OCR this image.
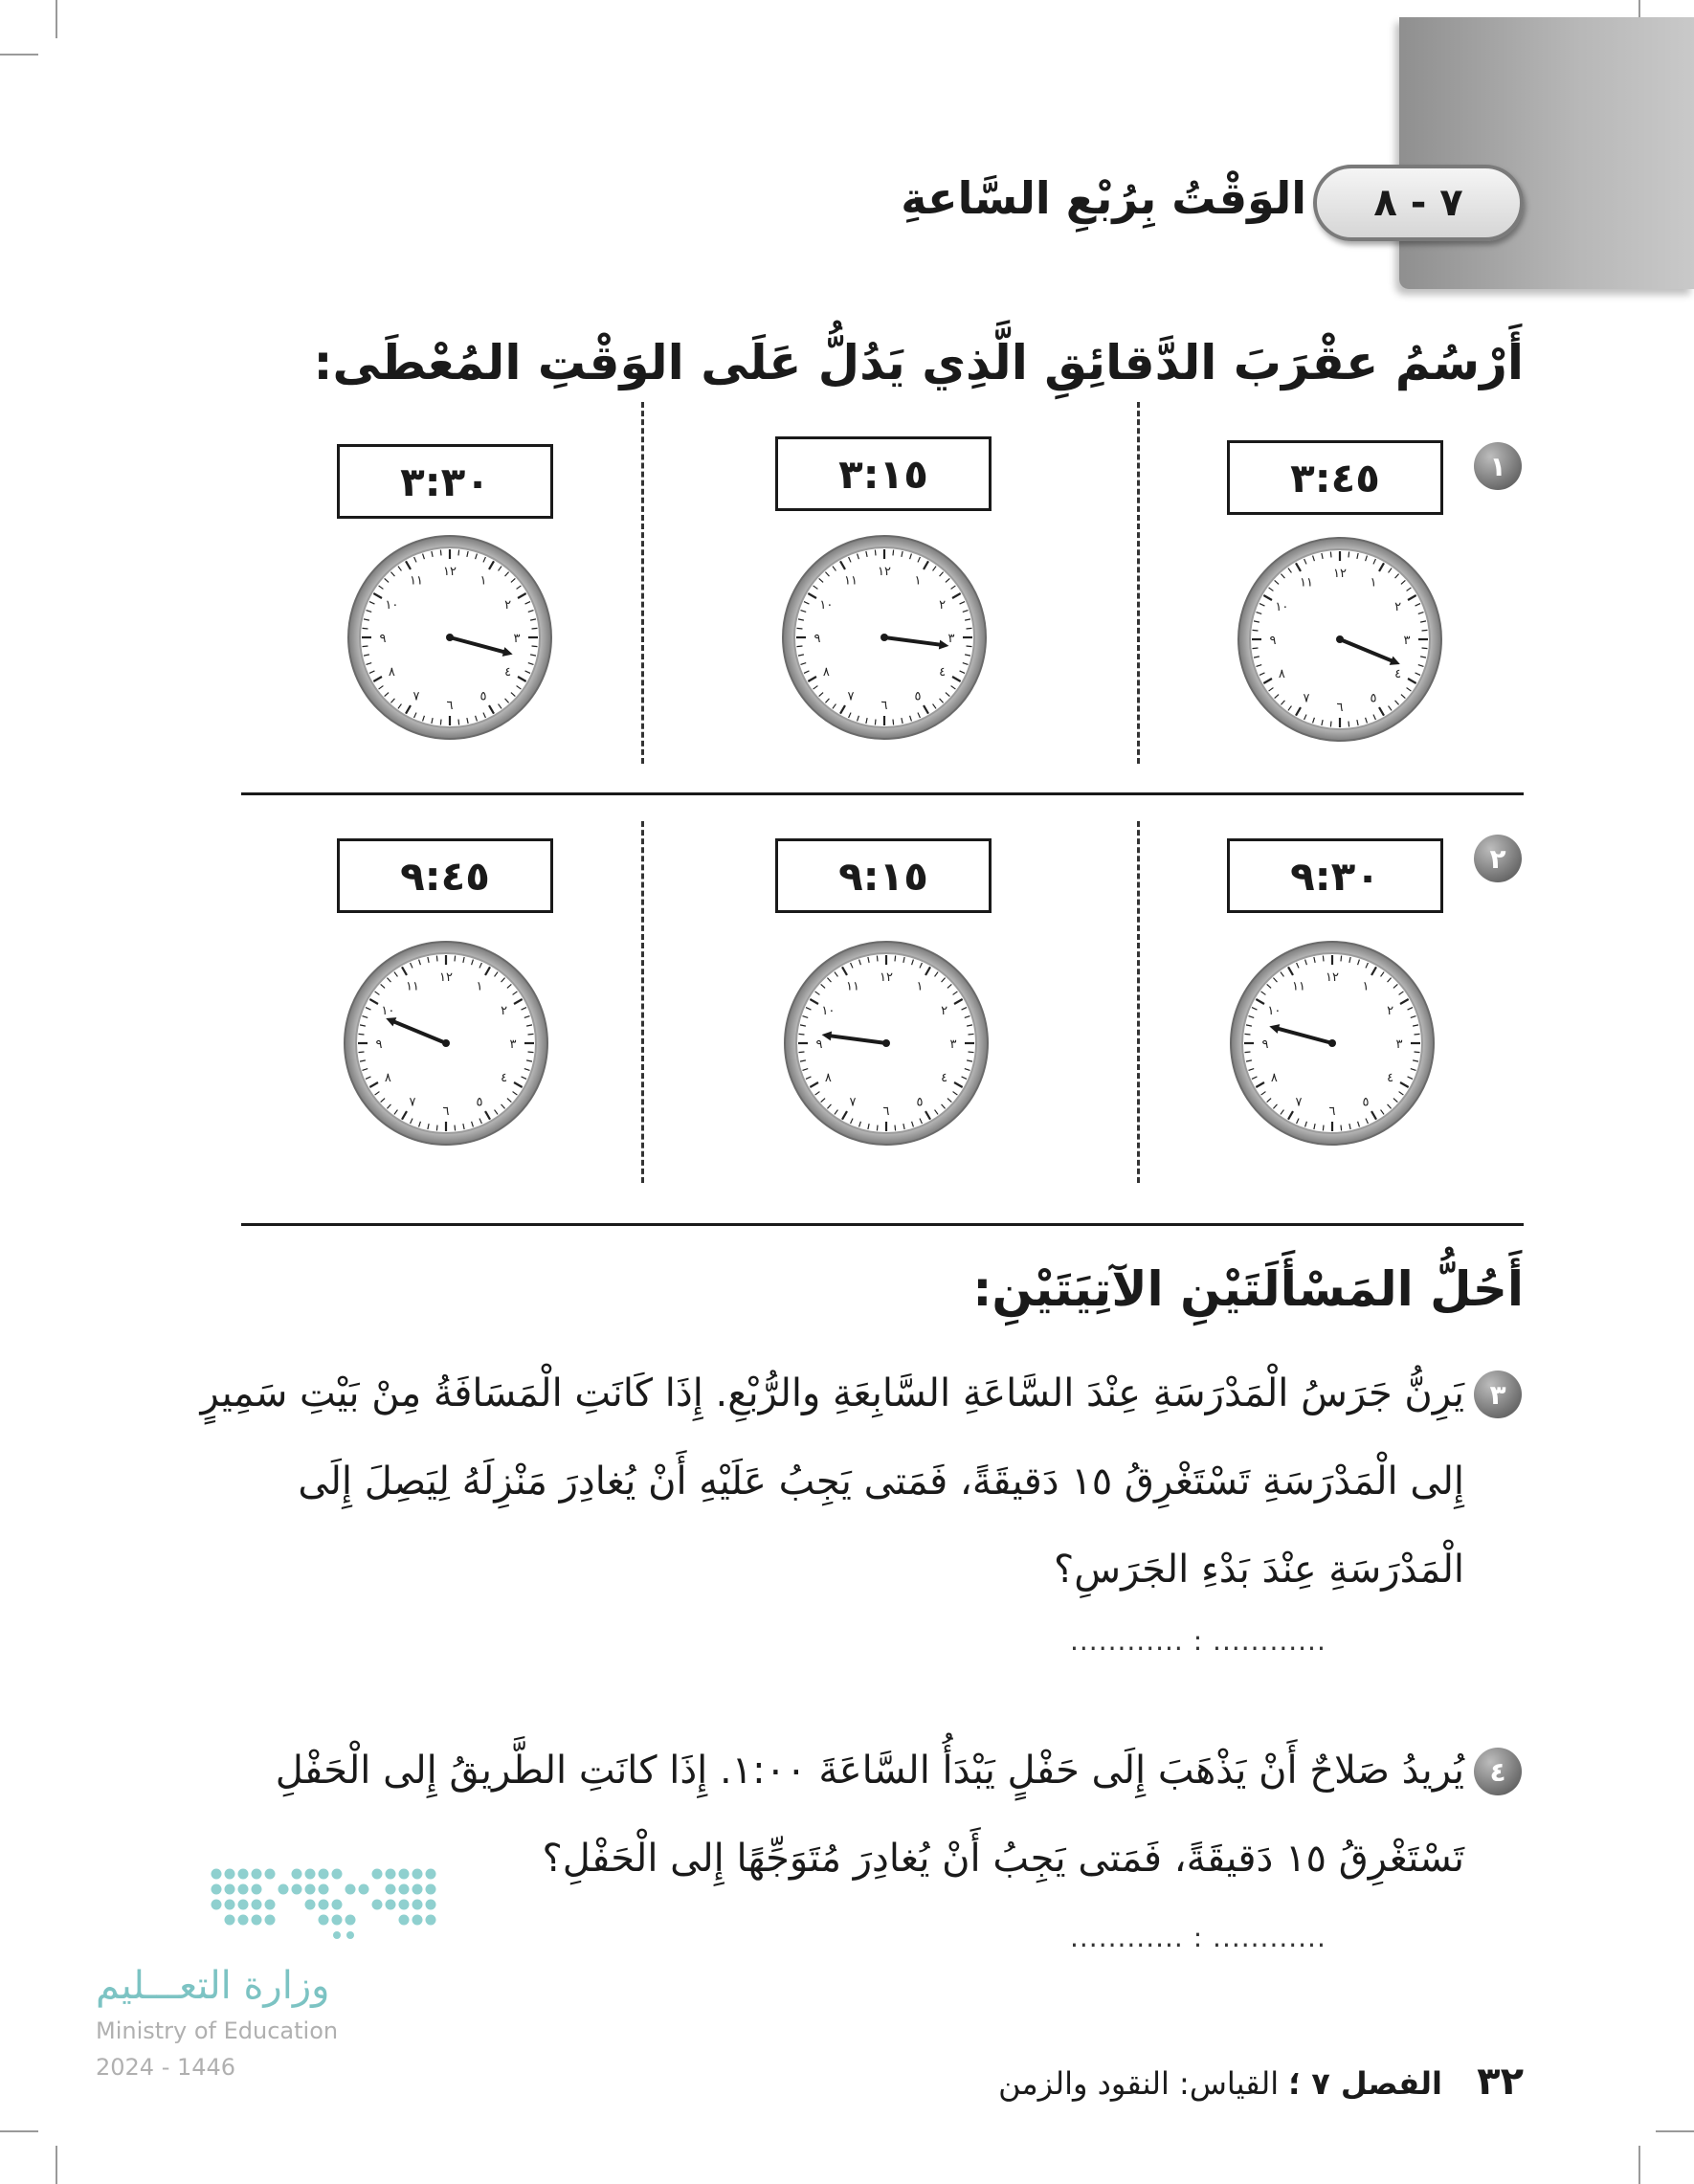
٧ - ٨
الوَقْتُ بِرُبْعِ السَّاعةِ
أَرْسُمُ عقْرَبَ الدَّقائِقِ الَّذِي يَدُلُّ عَلَى الوَقْتِ المُعْطَى:
١
٣:٤٥
٣:١٥
٣:٣٠
١٢
١
٢
٣
٤
٥
٦
٧
٨
٩
١٠
١١
١٢
١
٢
٣
٤
٥
٦
٧
٨
٩
١٠
١١
١٢
١
٢
٣
٤
٥
٦
٧
٨
٩
١٠
١١
٢
٩:٣٠
٩:١٥
٩:٤٥
١٢
١
٢
٣
٤
٥
٦
٧
٨
٩
١٠
١١
١٢
١
٢
٣
٤
٥
٦
٧
٨
٩
١٠
١١
١٢
١
٢
٣
٤
٥
٦
٧
٨
٩
١٠
١١
أَحُلُّ المَسْأَلَتَيْنِ الآتِيَتَيْنِ:
٣
يَرِنُّ جَرَسُ الْمَدْرَسَةِ عِنْدَ السَّاعَةِ السَّابِعَةِ والرُّبْعِ. إِذَا كَانَتِ الْمَسَافَةُ مِنْ بَيْتِ سَمِيرٍ إِلى الْمَدْرَسَةِ تَسْتَغْرِقُ ١٥ دَقيقَةً، فَمَتى يَجِبُ عَلَيْهِ أَنْ يُغادِرَ مَنْزِلَهُ لِيَصِلَ إِلَى الْمَدْرَسَةِ عِنْدَ بَدْءِ الجَرَسِ؟
............ : ............
٤
يُريدُ صَلاحٌ أَنْ يَذْهَبَ إِلَى حَفْلٍ يَبْدَأُ السَّاعَةَ ١:٠٠. إِذَا كانَتِ الطَّريقُ إِلى الْحَفْلِ تَسْتَغْرِقُ ١٥ دَقيقَةً، فَمَتى يَجِبُ أَنْ يُغادِرَ مُتَوَجِّهًا إِلى الْحَفْلِ؟
............ : ............
وزارة التعـــليم
Ministry of Education
2024 - 1446	٣٢ الفصل ٧ ؛ القياس: النقود والزمن
